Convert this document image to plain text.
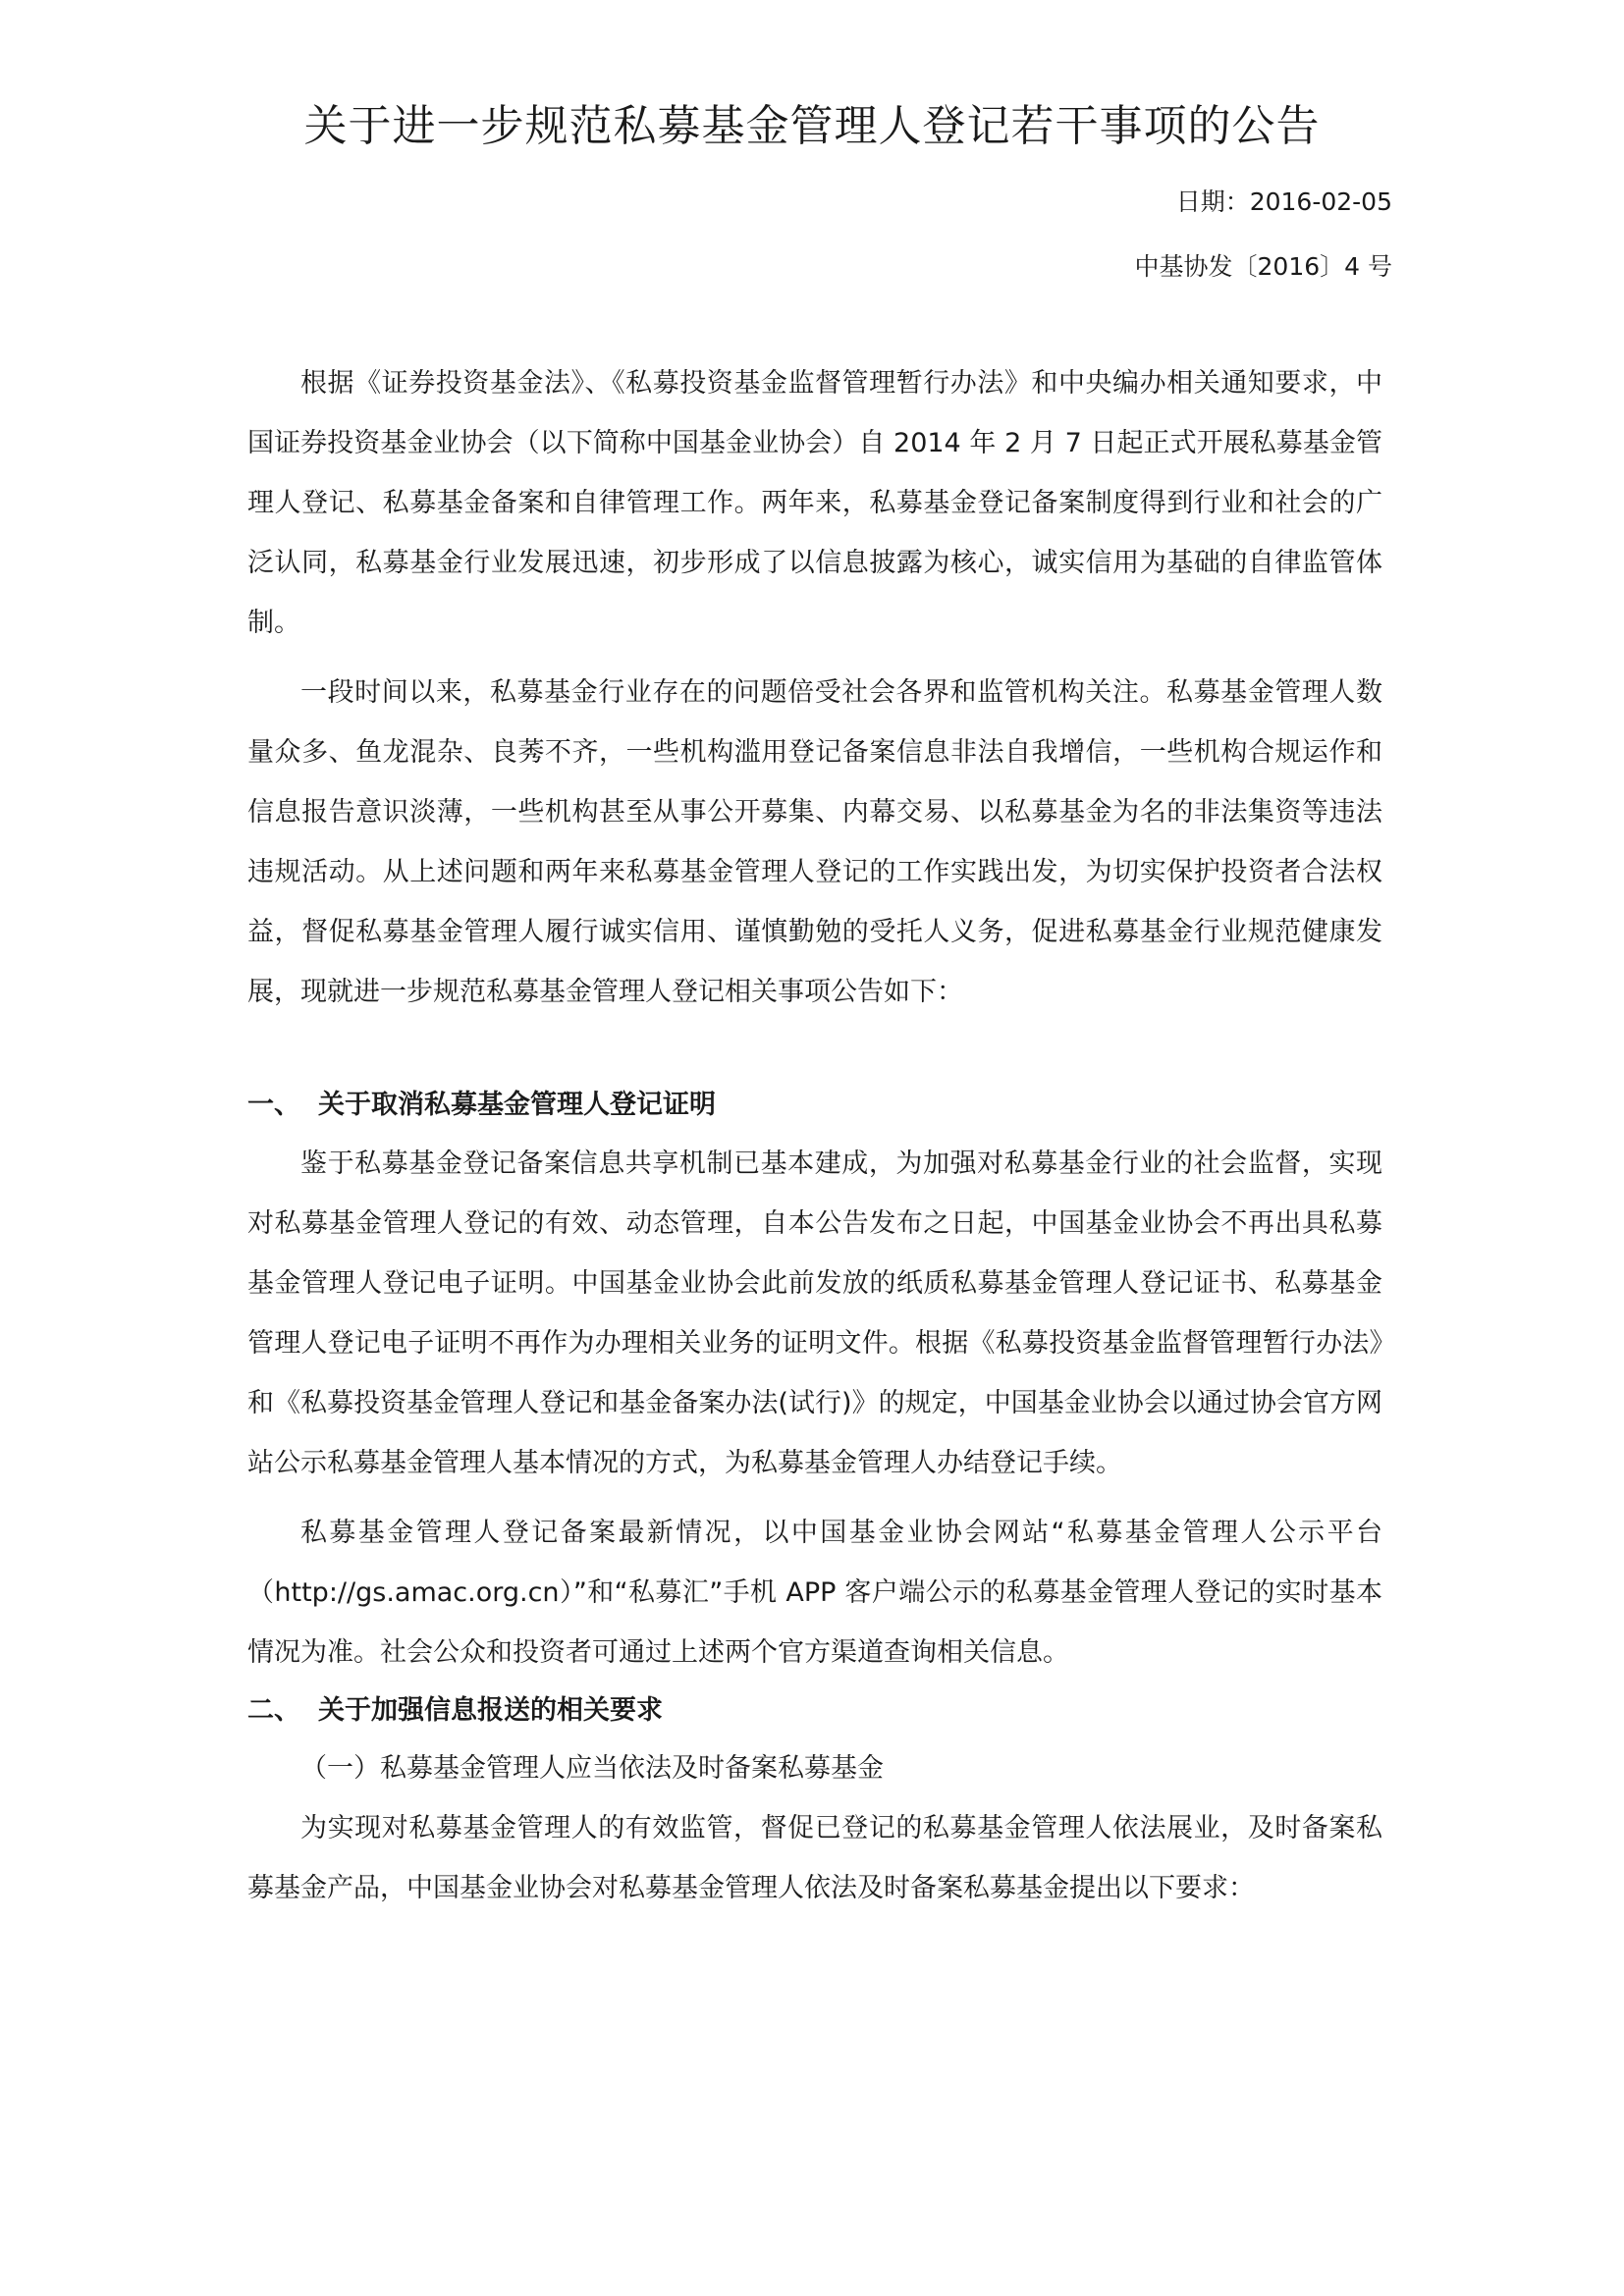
关于进一步规范私募基金管理人登记若干事项的公告

日期：2016-02-05

中基协发〔2016〕4 号

根据《证券投资基金法》、《私募投资基金监督管理暂行办法》和中央编办相关通知要求，中国证券投资基金业协会（以下简称中国基金业协会）自 2014 年 2 月 7 日起正式开展私募基金管理人登记、私募基金备案和自律管理工作。两年来，私募基金登记备案制度得到行业和社会的广泛认同，私募基金行业发展迅速，初步形成了以信息披露为核心，诚实信用为基础的自律监管体制。

一段时间以来，私募基金行业存在的问题倍受社会各界和监管机构关注。私募基金管理人数量众多、鱼龙混杂、良莠不齐，一些机构滥用登记备案信息非法自我增信，一些机构合规运作和信息报告意识淡薄，一些机构甚至从事公开募集、内幕交易、以私募基金为名的非法集资等违法违规活动。从上述问题和两年来私募基金管理人登记的工作实践出发，为切实保护投资者合法权益，督促私募基金管理人履行诚实信用、谨慎勤勉的受托人义务，促进私募基金行业规范健康发展，现就进一步规范私募基金管理人登记相关事项公告如下：

一、 关于取消私募基金管理人登记证明

鉴于私募基金登记备案信息共享机制已基本建成，为加强对私募基金行业的社会监督，实现对私募基金管理人登记的有效、动态管理，自本公告发布之日起，中国基金业协会不再出具私募基金管理人登记电子证明。中国基金业协会此前发放的纸质私募基金管理人登记证书、私募基金管理人登记电子证明不再作为办理相关业务的证明文件。根据《私募投资基金监督管理暂行办法》和《私募投资基金管理人登记和基金备案办法(试行)》的规定，中国基金业协会以通过协会官方网站公示私募基金管理人基本情况的方式，为私募基金管理人办结登记手续。

私募基金管理人登记备案最新情况，以中国基金业协会网站“私募基金管理人公示平台（http://gs.amac.org.cn）”和“私募汇”手机 APP 客户端公示的私募基金管理人登记的实时基本情况为准。社会公众和投资者可通过上述两个官方渠道查询相关信息。

二、 关于加强信息报送的相关要求

（一）私募基金管理人应当依法及时备案私募基金

为实现对私募基金管理人的有效监管，督促已登记的私募基金管理人依法展业，及时备案私募基金产品，中国基金业协会对私募基金管理人依法及时备案私募基金提出以下要求：
